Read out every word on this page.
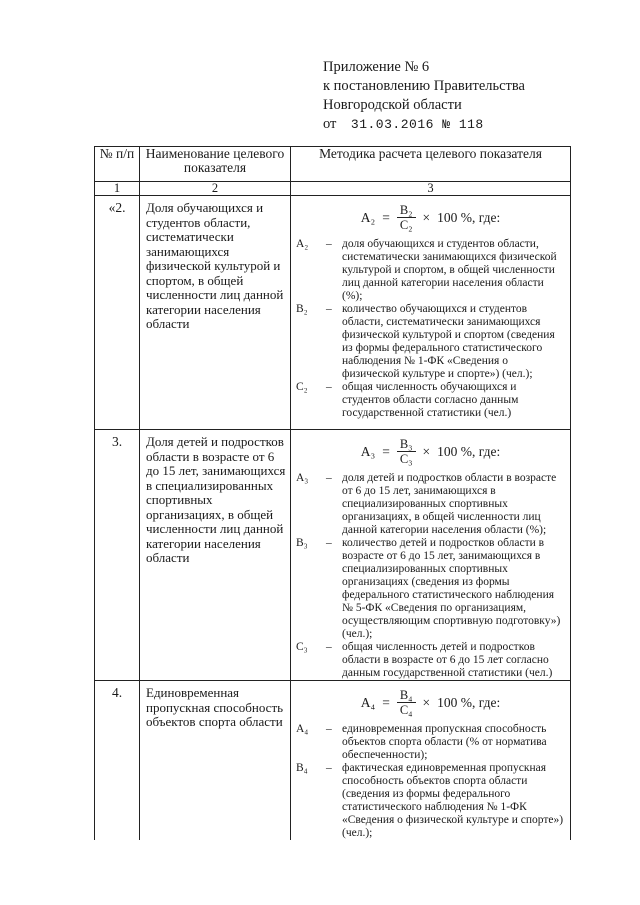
Приложение № 6
к постановлению Правительства
Новгородской области
от 31.03.2016 № 118
№ п/п	Наименование целевого показателя	Методика расчета целевого показателя
1	2	3
«2.	Доля обучающихся и студентов области, систематически занимающихся физической культурой и спортом, в общей численности лиц данной категории населения области	
$A_2 = \frac{\text{B₂}}{\text{C₂}} \times 100$ %, где:
A₂	–	доля обучающихся и студентов области, систематически занимающихся физической культурой и спортом, в общей численности лиц данной категории населения области (%);
B₂	–	количество обучающихся и студентов области, систематически занимающихся физической культурой и спортом (сведения из формы федерального статистического наблюдения № 1-ФК «Сведения о физической культуре и спорте») (чел.);
C₂	–	общая численность обучающихся и студентов области согласно данным государственной статистики (чел.)

3.	Доля детей и подростков области в возрасте от 6 до 15 лет, занимающихся в специализированных спортивных организациях, в общей численности лиц данной категории населения области	
$A_3 = \frac{\text{B₃}}{\text{C₃}} \times 100$ %, где:
A₃	–	доля детей и подростков области в возрасте от 6 до 15 лет, занимающихся в специализированных спортивных организациях, в общей численности лиц данной категории населения области (%);
B₃	–	количество детей и подростков области в возрасте от 6 до 15 лет, занимающихся в специализированных спортивных организациях (сведения из формы федерального статистического наблюдения № 5-ФК «Сведения по организациям, осуществляющим спортивную подготовку») (чел.);
C₃	–	общая численность детей и подростков области в возрасте от 6 до 15 лет согласно данным государственной статистики (чел.)

4.	Единовременная пропускная способность объектов спорта области	
$A_4 = \frac{\text{B₄}}{\text{C₄}} \times 100$ %, где:
A₄	–	единовременная пропускная способность объектов спорта области (% от норматива обеспеченности);
B₄	–	фактическая единовременная пропускная способность объектов спорта области (сведения из формы федерального статистического наблюдения № 1-ФК «Сведения о физической культуре и спорте») (чел.);
